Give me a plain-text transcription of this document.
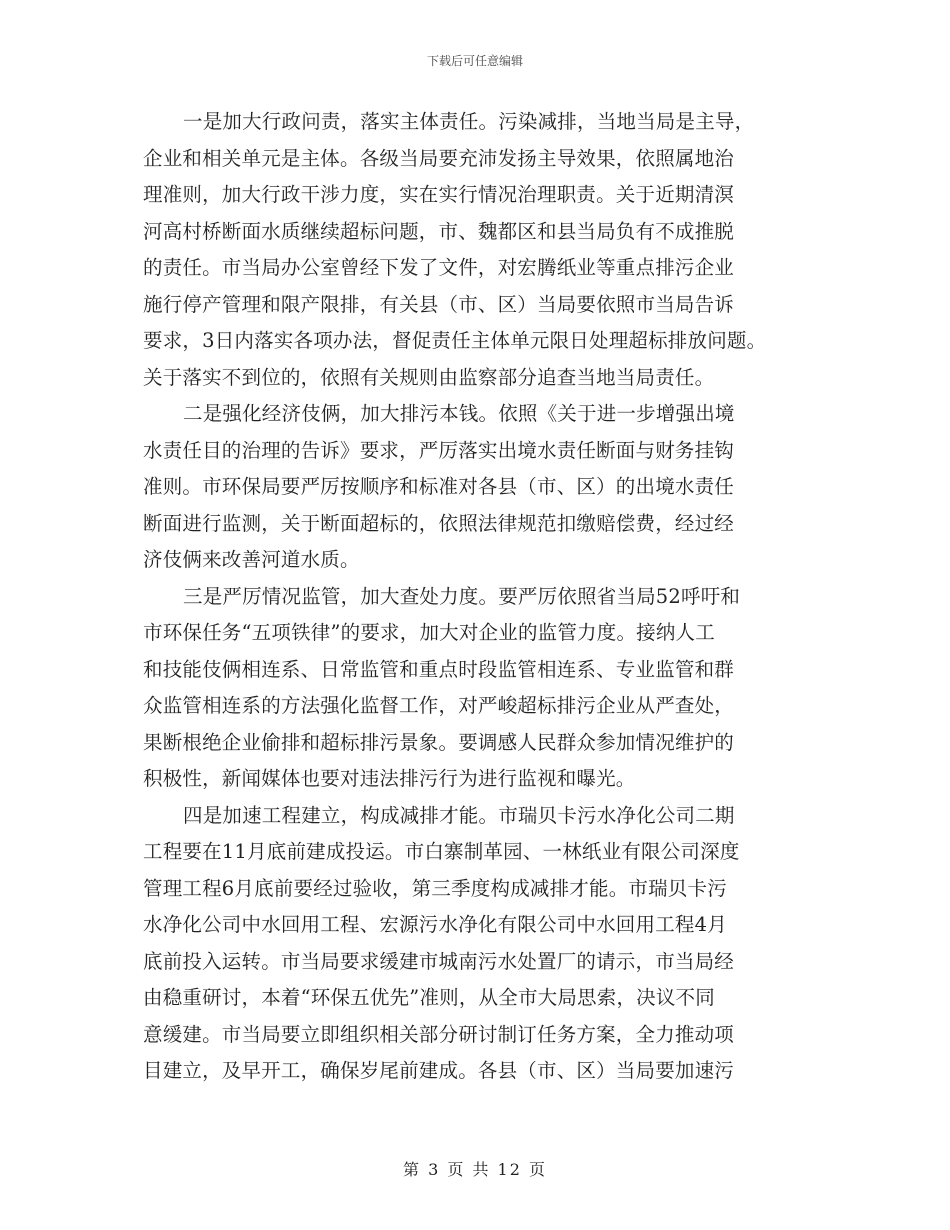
下载后可任意编辑
一是加大行政问责，落实主体责任。污染减排，当地当局是主导，
企业和相关单元是主体。各级当局要充沛发扬主导效果，依照属地治
理准则，加大行政干涉力度，实在实行情况治理职责。关于近期清溟
河高村桥断面水质继续超标问题，市、魏都区和县当局负有不成推脱
的责任。市当局办公室曾经下发了文件，对宏腾纸业等重点排污企业
施行停产管理和限产限排，有关县（市、区）当局要依照市当局告诉
要求，3日内落实各项办法，督促责任主体单元限日处理超标排放问题。
关于落实不到位的，依照有关规则由监察部分追查当地当局责任。
二是强化经济伎俩，加大排污本钱。依照《关于进一步增强出境
水责任目的治理的告诉》要求，严厉落实出境水责任断面与财务挂钩
准则。市环保局要严厉按顺序和标准对各县（市、区）的出境水责任
断面进行监测，关于断面超标的，依照法律规范扣缴赔偿费，经过经
济伎俩来改善河道水质。
三是严厉情况监管，加大查处力度。要严厉依照省当局52呼吁和
市环保任务“五项铁律”的要求，加大对企业的监管力度。接纳人工
和技能伎俩相连系、日常监管和重点时段监管相连系、专业监管和群
众监管相连系的方法强化监督工作，对严峻超标排污企业从严查处，
果断根绝企业偷排和超标排污景象。要调感人民群众参加情况维护的
积极性，新闻媒体也要对违法排污行为进行监视和曝光。
四是加速工程建立，构成减排才能。市瑞贝卡污水净化公司二期
工程要在11月底前建成投运。市白寨制革园、一林纸业有限公司深度
管理工程6月底前要经过验收，第三季度构成减排才能。市瑞贝卡污
水净化公司中水回用工程、宏源污水净化有限公司中水回用工程4月
底前投入运转。市当局要求缓建市城南污水处置厂的请示，市当局经
由稳重研讨，本着“环保五优先”准则，从全市大局思索，决议不同
意缓建。市当局要立即组织相关部分研讨制订任务方案，全力推动项
目建立，及早开工，确保岁尾前建成。各县（市、区）当局要加速污
第 3 页 共 12 页
